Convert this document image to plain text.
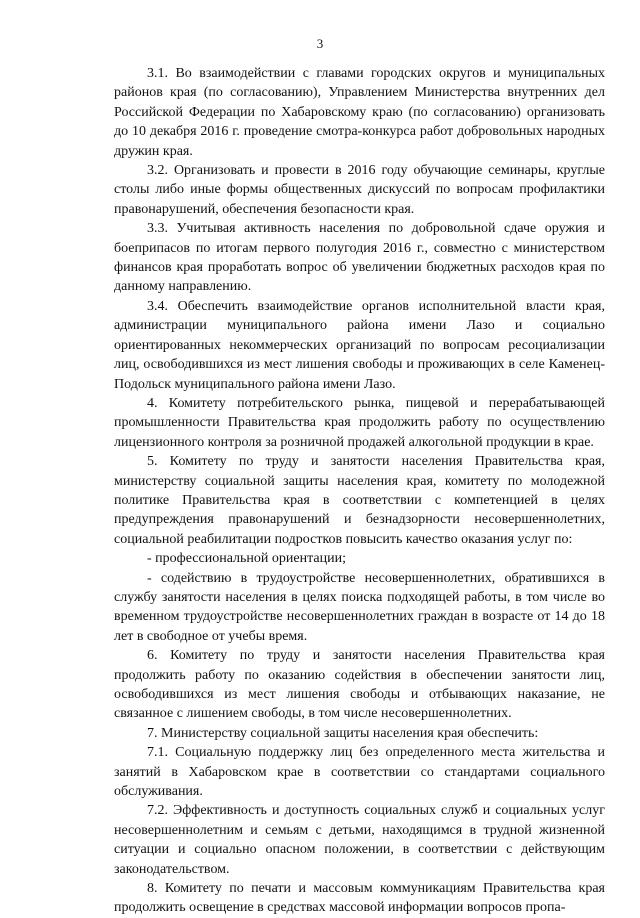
3

3.1. Во взаимодействии с главами городских округов и муниципальных районов края (по согласованию), Управлением Министерства внутренних дел Российской Федерации по Хабаровскому краю (по согласованию) организовать до 10 декабря 2016 г. проведение смотра-конкурса работ добровольных народных дружин края.

3.2. Организовать и провести в 2016 году обучающие семинары, круглые столы либо иные формы общественных дискуссий по вопросам профилактики правонарушений, обеспечения безопасности края.

3.3. Учитывая активность населения по добровольной сдаче оружия и боеприпасов по итогам первого полугодия 2016 г., совместно с министерством финансов края проработать вопрос об увеличении бюджетных расходов края по данному направлению.

3.4. Обеспечить взаимодействие органов исполнительной власти края, администрации муниципального района имени Лазо и социально ориентированных некоммерческих организаций по вопросам ресоциализации лиц, освободившихся из мест лишения свободы и проживающих в селе Каменец-Подольск муниципального района имени Лазо.

4. Комитету потребительского рынка, пищевой и перерабатывающей промышленности Правительства края продолжить работу по осуществлению лицензионного контроля за розничной продажей алкогольной продукции в крае.

5. Комитету по труду и занятости населения Правительства края, министерству социальной защиты населения края, комитету по молодежной политике Правительства края в соответствии с компетенцией в целях предупреждения правонарушений и безнадзорности несовершеннолетних, социальной реабилитации подростков повысить качество оказания услуг по:

- профессиональной ориентации;

- содействию в трудоустройстве несовершеннолетних, обратившихся в службу занятости населения в целях поиска подходящей работы, в том числе во временном трудоустройстве несовершеннолетних граждан в возрасте от 14 до 18 лет в свободное от учебы время.

6. Комитету по труду и занятости населения Правительства края продолжить работу по оказанию содействия в обеспечении занятости лиц, освободившихся из мест лишения свободы и отбывающих наказание, не связанное с лишением свободы, в том числе несовершеннолетних.

7. Министерству социальной защиты населения края обеспечить:

7.1. Социальную поддержку лиц без определенного места жительства и занятий в Хабаровском крае в соответствии со стандартами социального обслуживания.

7.2. Эффективность и доступность социальных служб и социальных услуг несовершеннолетним и семьям с детьми, находящимся в трудной жизненной ситуации и социально опасном положении, в соответствии с действующим законодательством.

8. Комитету по печати и массовым коммуникациям Правительства края продолжить освещение в средствах массовой информации вопросов пропа-
